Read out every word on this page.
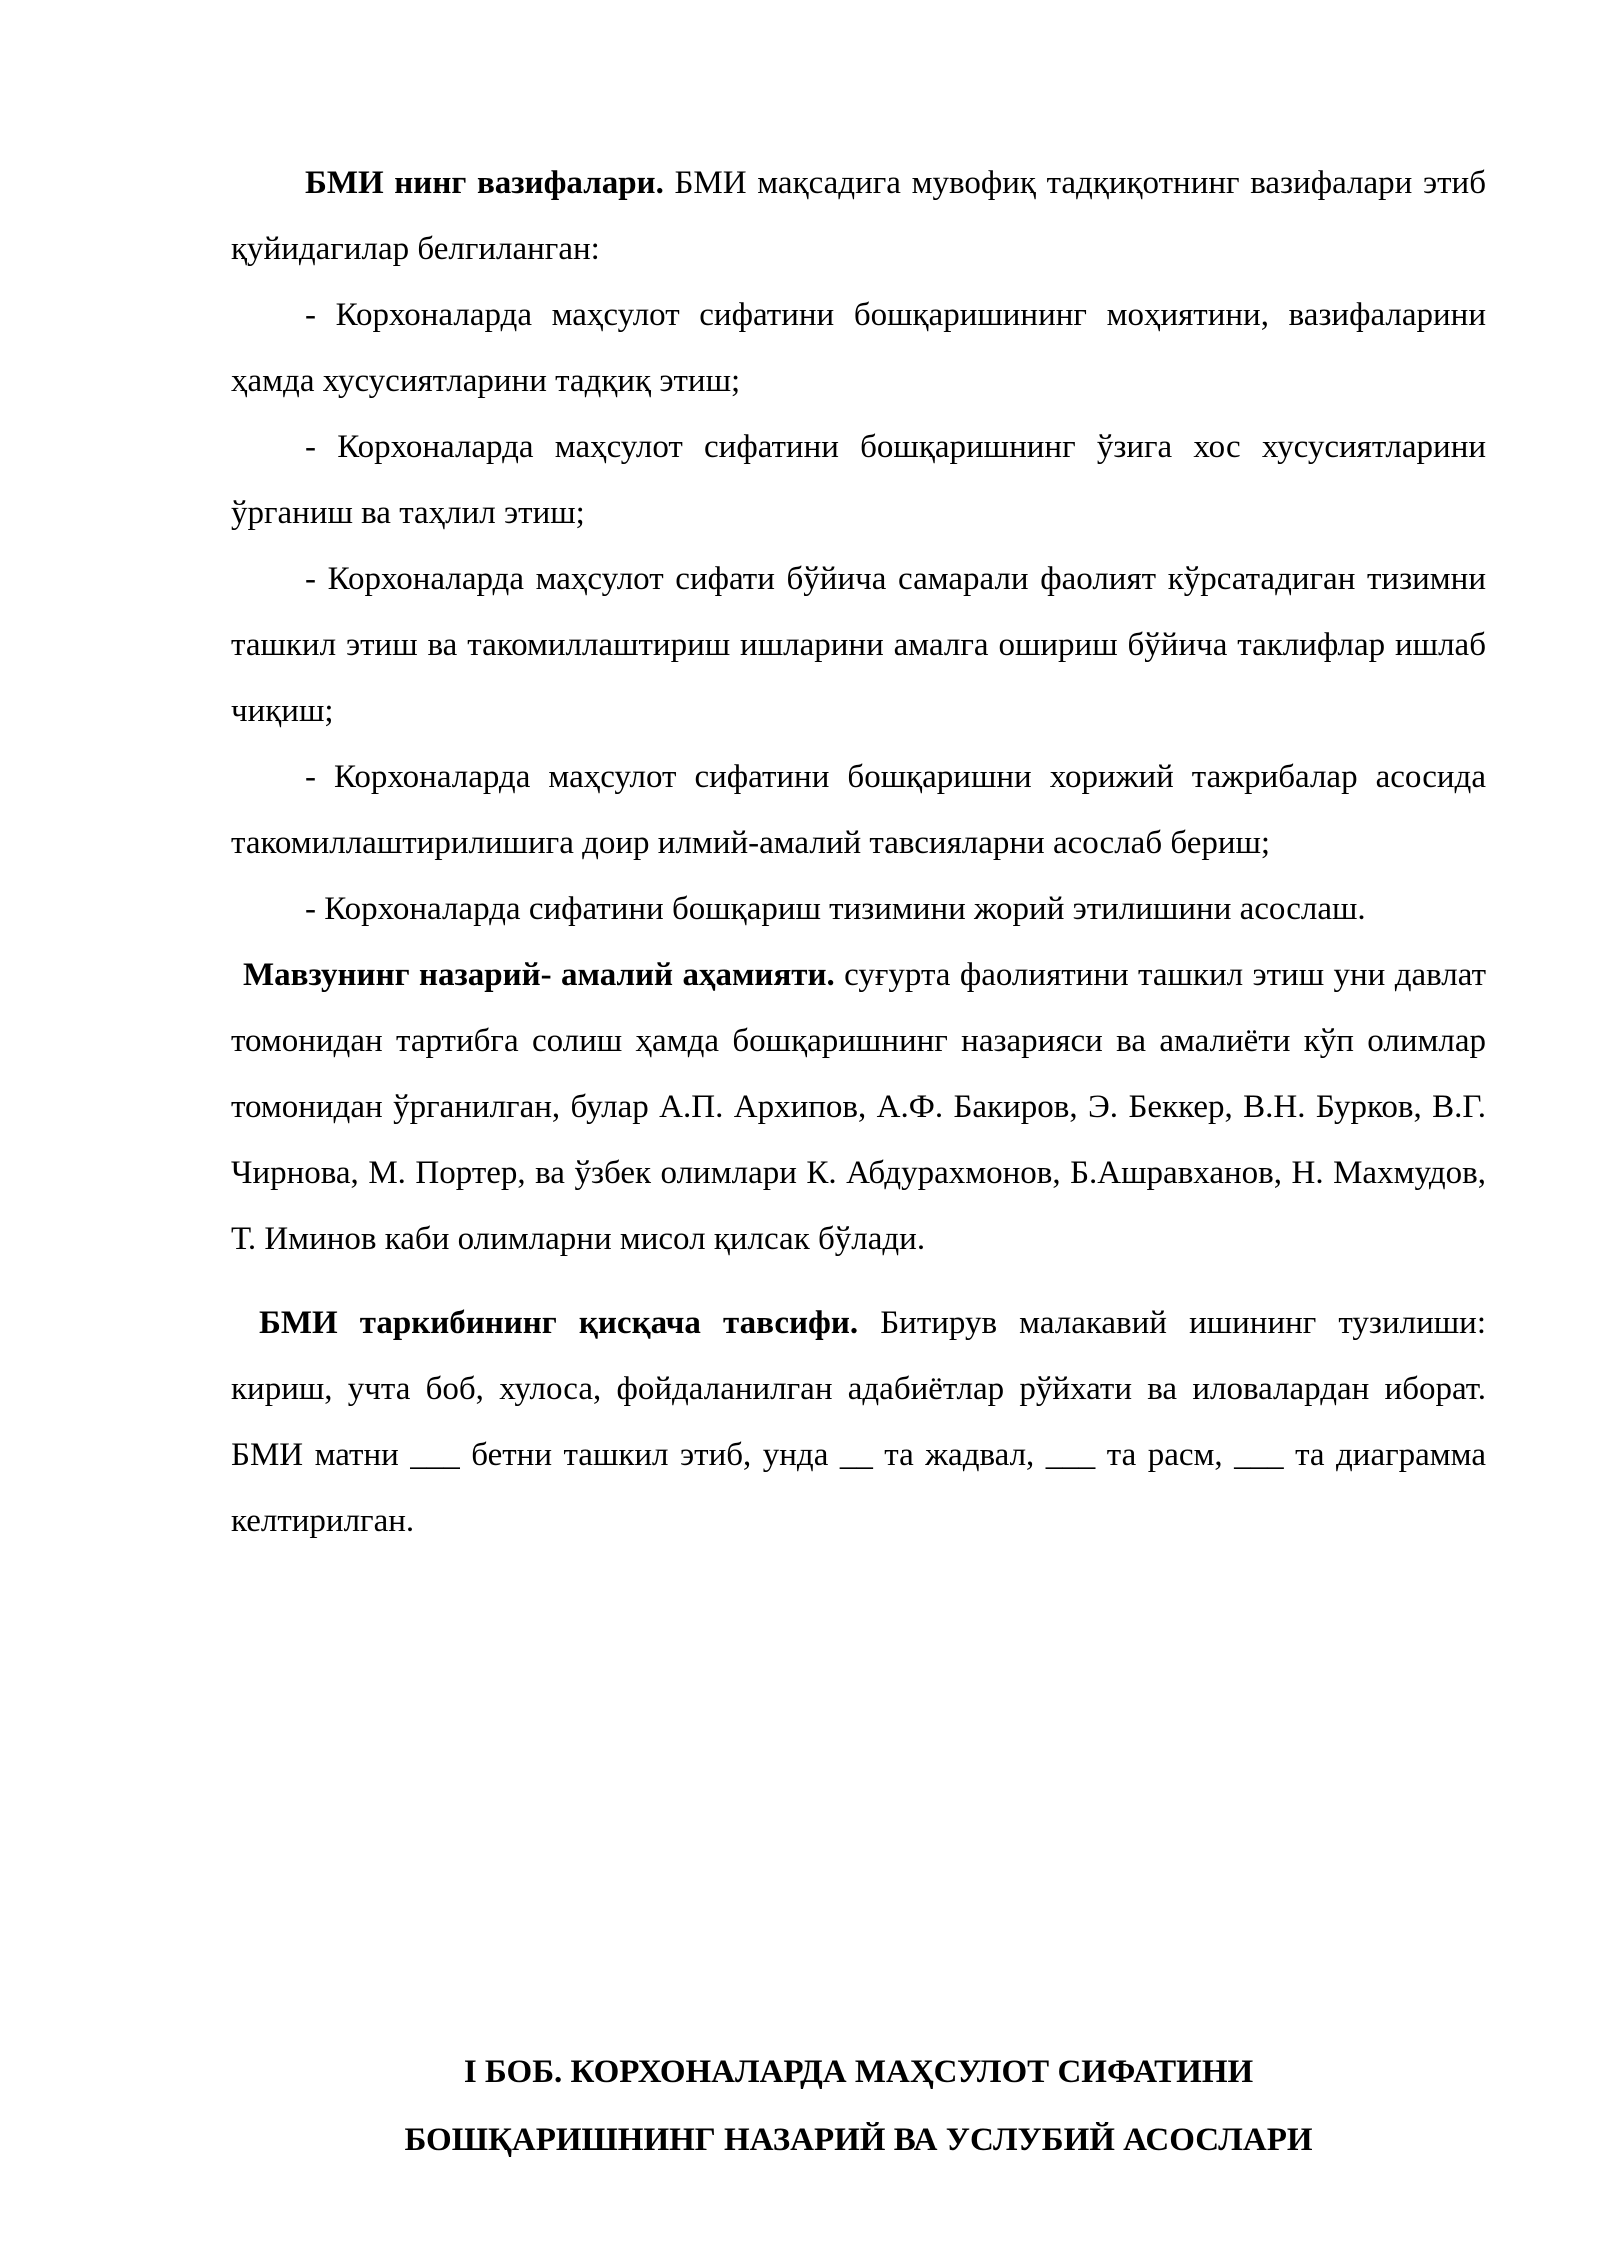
БМИ нинг вазифалари. БМИ мақсадига мувофиқ тадқиқотнинг вазифалари этиб қуйидагилар белгиланган:

- Корхоналарда маҳсулот сифатини бошқаришининг моҳиятини, вазифаларини ҳамда хусусиятларини тадқиқ этиш;

- Корхоналарда маҳсулот сифатини бошқаришнинг ўзига хос хусусиятларини ўрганиш ва таҳлил этиш;

- Корхоналарда маҳсулот сифати бўйича самарали фаолият кўрсатадиган тизимни ташкил этиш ва такомиллаштириш ишларини амалга ошириш бўйича таклифлар ишлаб чиқиш;

- Корхоналарда маҳсулот сифатини бошқаришни хорижий тажрибалар асосида такомиллаштирилишига доир илмий-амалий тавсияларни асослаб бериш;

- Корхоналарда сифатини бошқариш тизимини жорий этилишини асослаш.

Мавзунинг назарий- амалий аҳамияти. суғурта фаолиятини ташкил этиш уни давлат томонидан тартибга солиш ҳамда бошқаришнинг назарияси ва амалиёти кўп олимлар томонидан ўрганилган, булар А.П. Архипов, А.Ф. Бакиров, Э. Беккер, В.Н. Бурков, В.Г. Чирнова, М. Портер, ва ўзбек олимлари К. Абдурахмонов, Б.Ашравханов, Н. Махмудов, Т. Иминов каби олимларни мисол қилсак бўлади.

БМИ таркибининг қисқача тавсифи. Битирув малакавий ишининг тузилиши: кириш, учта боб, хулоса, фойдаланилган адабиётлар рўйхати ва иловалардан иборат. БМИ матни ___ бетни ташкил этиб, унда __ та жадвал, ___ та расм, ___ та диаграмма келтирилган.

I БОБ. КОРХОНАЛАРДА МАҲСУЛОТ СИФАТИНИ
БОШҚАРИШНИНГ НАЗАРИЙ ВА УСЛУБИЙ АСОСЛАРИ
